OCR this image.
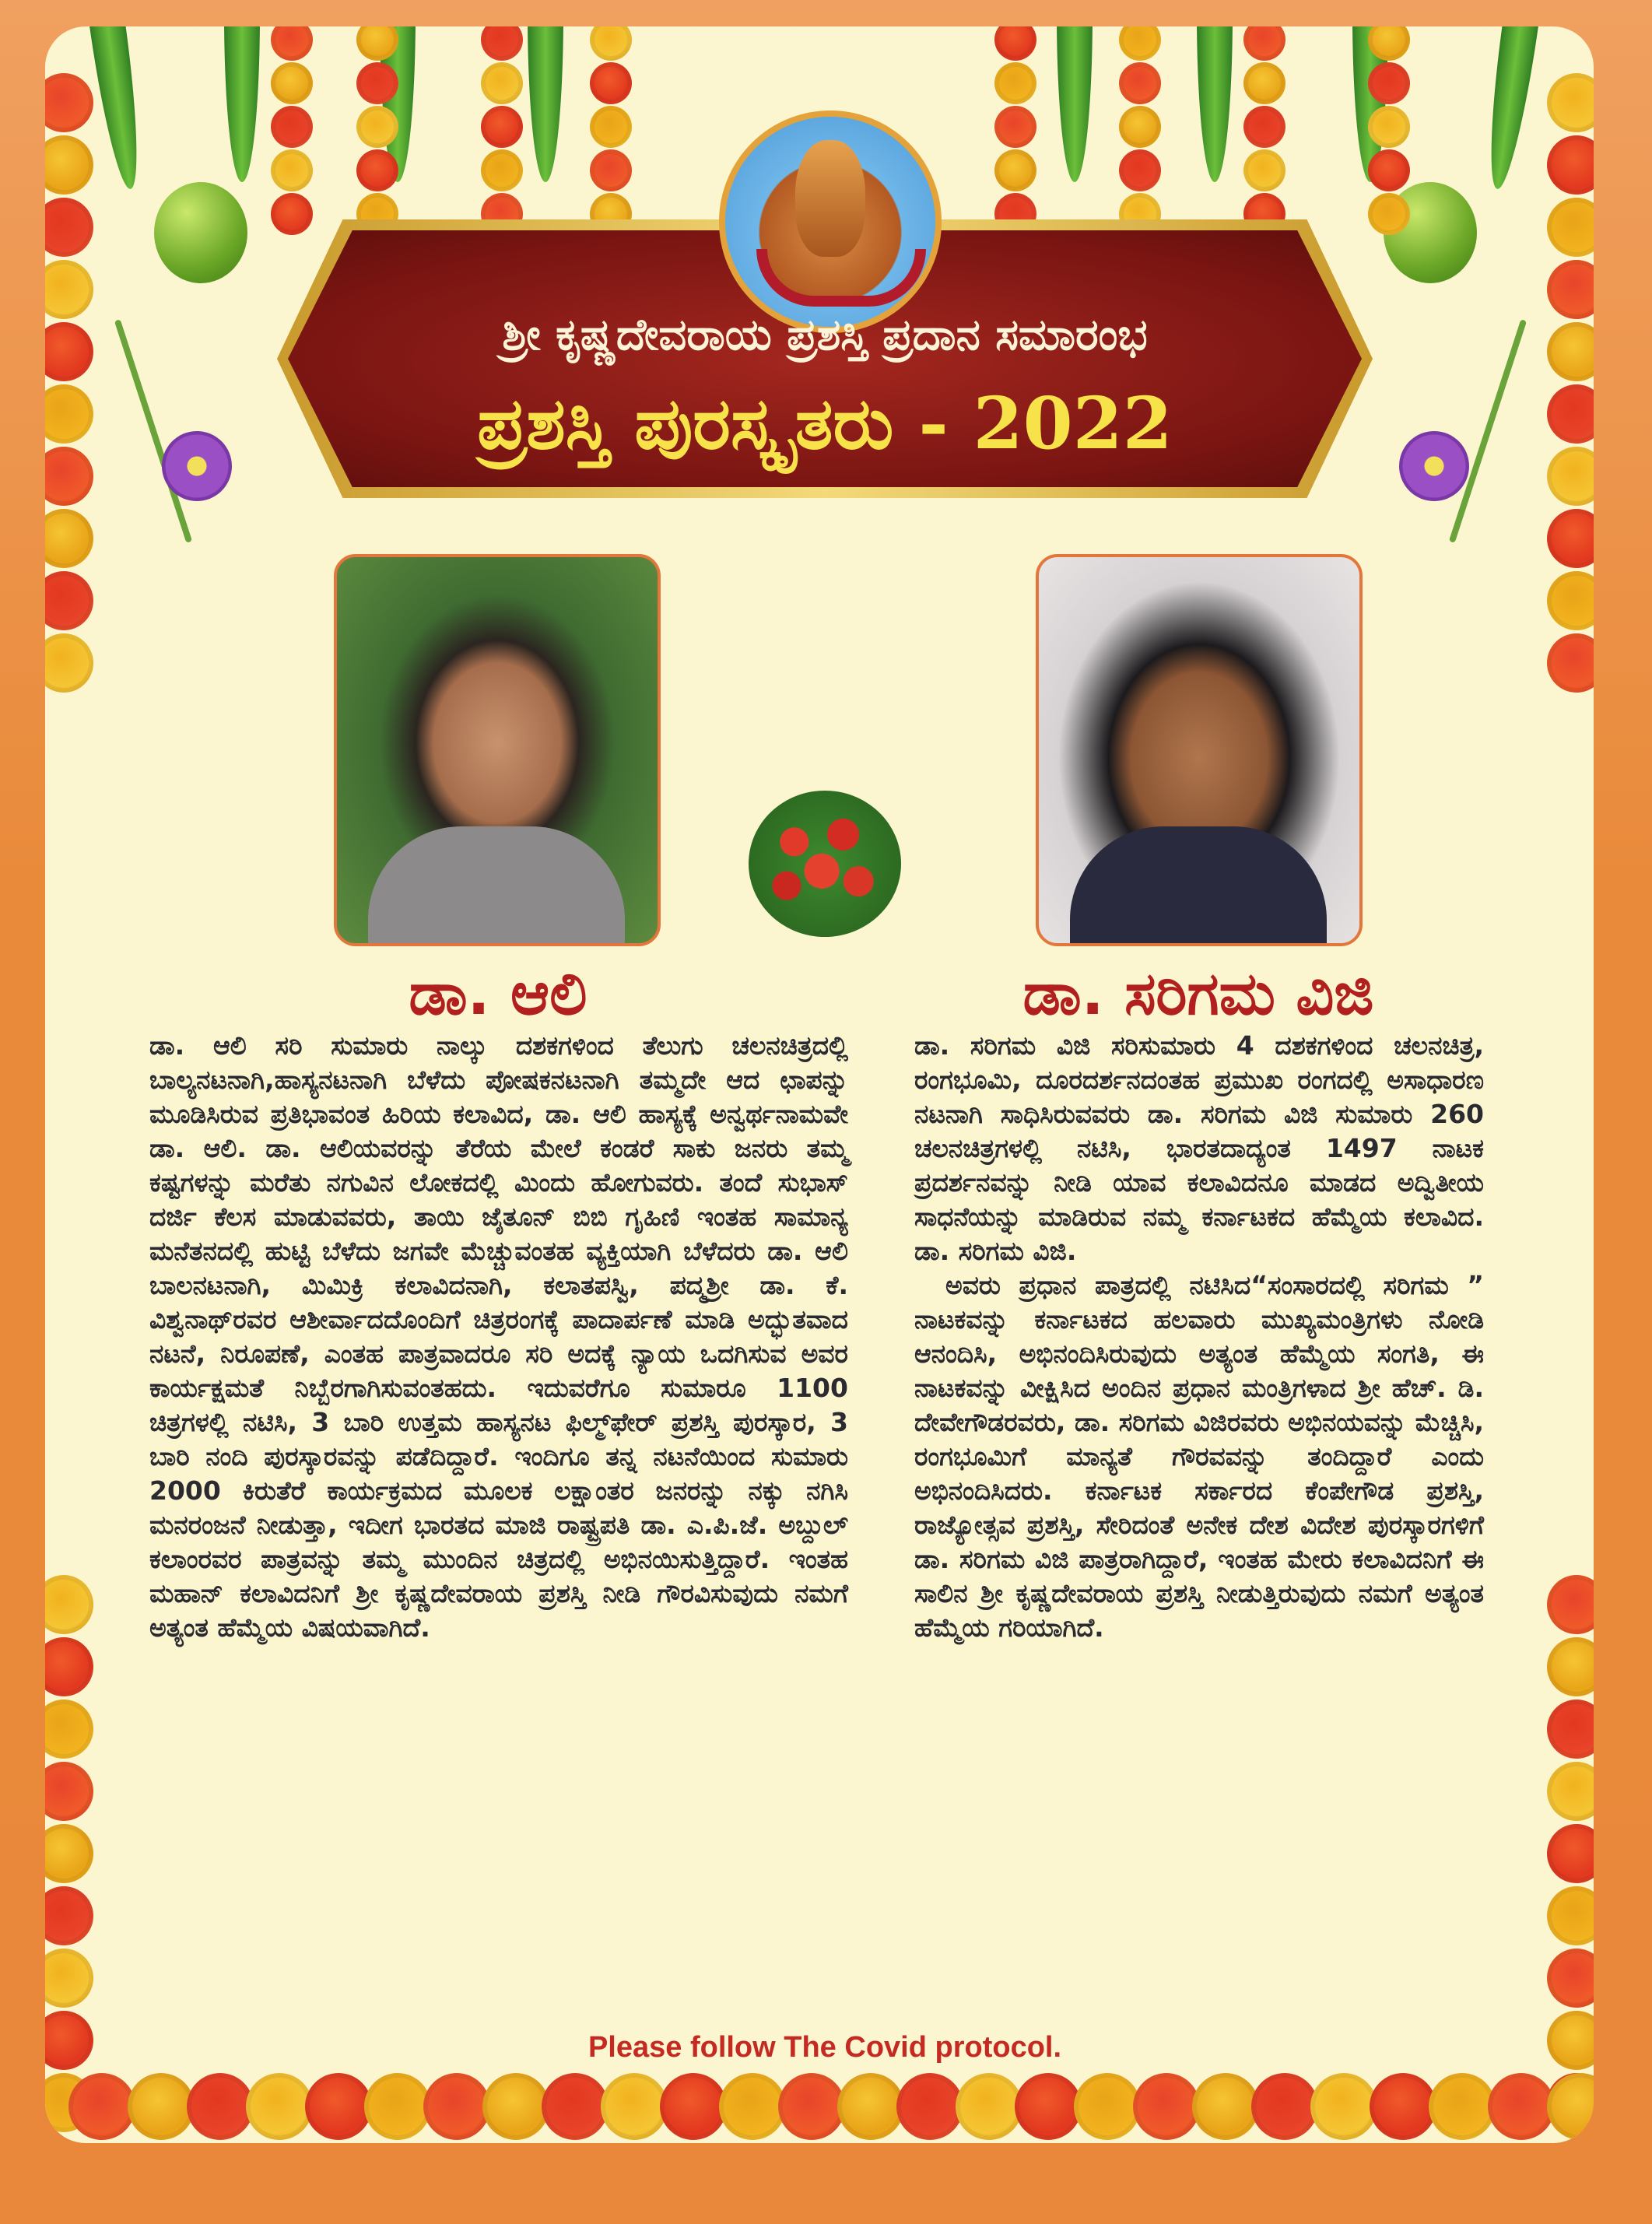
ಶ್ರೀ ಕೃಷ್ಣದೇವರಾಯ ಪ್ರಶಸ್ತಿ ಪ್ರದಾನ ಸಮಾರಂಭ
ಪ್ರಶಸ್ತಿ ಪುರಸ್ಕೃತರು - 2022
ಡಾ. ಆಲಿ	ಡಾ. ಸರಿಗಮ ವಿಜಿ

ಡಾ. ಆಲಿ ಸರಿ ಸುಮಾರು ನಾಲ್ಕು ದಶಕಗಳಿಂದ ತೆಲುಗು ಚಲನಚಿತ್ರದಲ್ಲಿ ಬಾಲ್ಯನಟನಾಗಿ,ಹಾಸ್ಯನಟನಾಗಿ ಬೆಳೆದು ಪೋಷಕನಟನಾಗಿ ತಮ್ಮದೇ ಆದ ಛಾಪನ್ನು ಮೂಡಿಸಿರುವ ಪ್ರತಿಭಾವಂತ ಹಿರಿಯ ಕಲಾವಿದ, ಡಾ. ಆಲಿ ಹಾಸ್ಯಕ್ಕೆ ಅನ್ವರ್ಥನಾಮವೇ ಡಾ. ಆಲಿ. ಡಾ. ಆಲಿಯವರನ್ನು ತೆರೆಯ ಮೇಲೆ ಕಂಡರೆ ಸಾಕು ಜನರು ತಮ್ಮ ಕಷ್ಟಗಳನ್ನು ಮರೆತು ನಗುವಿನ ಲೋಕದಲ್ಲಿ ಮಿಂದು ಹೋಗುವರು. ತಂದೆ ಸುಭಾಸ್ ದರ್ಜಿ ಕೆಲಸ ಮಾಡುವವರು, ತಾಯಿ ಜೈತೂನ್ ಬಿಬಿ ಗೃಹಿಣಿ ಇಂತಹ ಸಾಮಾನ್ಯ ಮನೆತನದಲ್ಲಿ ಹುಟ್ಟಿ ಬೆಳೆದು ಜಗವೇ ಮೆಚ್ಚುವಂತಹ ವ್ಯಕ್ತಿಯಾಗಿ ಬೆಳೆದರು ಡಾ. ಆಲಿ ಬಾಲನಟನಾಗಿ, ಮಿಮಿಕ್ರಿ ಕಲಾವಿದನಾಗಿ, ಕಲಾತಪಸ್ವಿ, ಪದ್ಮಶ್ರೀ ಡಾ. ಕೆ. ವಿಶ್ವನಾಥ್‌ರವರ ಆಶೀರ್ವಾದದೊಂದಿಗೆ ಚಿತ್ರರಂಗಕ್ಕೆ ಪಾದಾರ್ಪಣೆ ಮಾಡಿ ಅದ್ಭುತವಾದ ನಟನೆ, ನಿರೂಪಣೆ, ಎಂತಹ ಪಾತ್ರವಾದರೂ ಸರಿ ಅದಕ್ಕೆ ನ್ಯಾಯ ಒದಗಿಸುವ ಅವರ ಕಾರ್ಯಕ್ಷಮತೆ ನಿಬ್ಬೆರಗಾಗಿಸುವಂತಹದು. ಇದುವರೆಗೂ ಸುಮಾರೂ 1100 ಚಿತ್ರಗಳಲ್ಲಿ ನಟಿಸಿ, 3 ಬಾರಿ ಉತ್ತಮ ಹಾಸ್ಯನಟ ಫಿಲ್ಮ್‌ಫೇರ್ ಪ್ರಶಸ್ತಿ ಪುರಸ್ಕಾರ, 3 ಬಾರಿ ನಂದಿ ಪುರಸ್ಕಾರವನ್ನು ಪಡೆದಿದ್ದಾರೆ. ಇಂದಿಗೂ ತನ್ನ ನಟನೆಯಿಂದ ಸುಮಾರು 2000 ಕಿರುತೆರೆ ಕಾರ್ಯಕ್ರಮದ ಮೂಲಕ ಲಕ್ಷಾಂತರ ಜನರನ್ನು ನಕ್ಕು ನಗಿಸಿ ಮನರಂಜನೆ ನೀಡುತ್ತಾ, ಇದೀಗ ಭಾರತದ ಮಾಜಿ ರಾಷ್ಟ್ರಪತಿ ಡಾ. ಎ.ಪಿ.ಜೆ. ಅಬ್ದುಲ್ ಕಲಾಂರವರ ಪಾತ್ರವನ್ನು ತಮ್ಮ ಮುಂದಿನ ಚಿತ್ರದಲ್ಲಿ ಅಭಿನಯಿಸುತ್ತಿದ್ದಾರೆ. ಇಂತಹ ಮಹಾನ್ ಕಲಾವಿದನಿಗೆ ಶ್ರೀ ಕೃಷ್ಣದೇವರಾಯ ಪ್ರಶಸ್ತಿ ನೀಡಿ ಗೌರವಿಸುವುದು ನಮಗೆ ಅತ್ಯಂತ ಹೆಮ್ಮೆಯ ವಿಷಯವಾಗಿದೆ.

ಡಾ. ಸರಿಗಮ ವಿಜಿ ಸರಿಸುಮಾರು 4 ದಶಕಗಳಿಂದ ಚಲನಚಿತ್ರ, ರಂಗಭೂಮಿ, ದೂರದರ್ಶನದಂತಹ ಪ್ರಮುಖ ರಂಗದಲ್ಲಿ ಅಸಾಧಾರಣ ನಟನಾಗಿ ಸಾಧಿಸಿರುವವರು ಡಾ. ಸರಿಗಮ ವಿಜಿ ಸುಮಾರು 260 ಚಲನಚಿತ್ರಗಳಲ್ಲಿ ನಟಿಸಿ, ಭಾರತದಾದ್ಯಂತ 1497 ನಾಟಕ ಪ್ರದರ್ಶನವನ್ನು ನೀಡಿ ಯಾವ ಕಲಾವಿದನೂ ಮಾಡದ ಅದ್ವಿತೀಯ ಸಾಧನೆಯನ್ನು ಮಾಡಿರುವ ನಮ್ಮ ಕರ್ನಾಟಕದ ಹೆಮ್ಮೆಯ ಕಲಾವಿದ. ಡಾ. ಸರಿಗಮ ವಿಜಿ.

ಅವರು ಪ್ರಧಾನ ಪಾತ್ರದಲ್ಲಿ ನಟಿಸಿದ“ಸಂಸಾರದಲ್ಲಿ ಸರಿಗಮ ” ನಾಟಕವನ್ನು ಕರ್ನಾಟಕದ ಹಲವಾರು ಮುಖ್ಯಮಂತ್ರಿಗಳು ನೋಡಿ ಆನಂದಿಸಿ, ಅಭಿನಂದಿಸಿರುವುದು ಅತ್ಯಂತ ಹೆಮ್ಮೆಯ ಸಂಗತಿ, ಈ ನಾಟಕವನ್ನು ವೀಕ್ಷಿಸಿದ ಅಂದಿನ ಪ್ರಧಾನ ಮಂತ್ರಿಗಳಾದ ಶ್ರೀ ಹೆಚ್. ಡಿ. ದೇವೇಗೌಡರವರು, ಡಾ. ಸರಿಗಮ ವಿಜಿರವರು ಅಭಿನಯವನ್ನು ಮೆಚ್ಚಿಸಿ, ರಂಗಭೂಮಿಗೆ ಮಾನ್ಯತೆ ಗೌರವವನ್ನು ತಂದಿದ್ದಾರೆ ಎಂದು ಅಭಿನಂದಿಸಿದರು. ಕರ್ನಾಟಕ ಸರ್ಕಾರದ ಕೆಂಪೇಗೌಡ ಪ್ರಶಸ್ತಿ, ರಾಜ್ಯೋತ್ಸವ ಪ್ರಶಸ್ತಿ, ಸೇರಿದಂತೆ ಅನೇಕ ದೇಶ ವಿದೇಶ ಪುರಸ್ಕಾರಗಳಿಗೆ ಡಾ. ಸರಿಗಮ ವಿಜಿ ಪಾತ್ರರಾಗಿದ್ದಾರೆ, ಇಂತಹ ಮೇರು ಕಲಾವಿದನಿಗೆ ಈ ಸಾಲಿನ ಶ್ರೀ ಕೃಷ್ಣದೇವರಾಯ ಪ್ರಶಸ್ತಿ ನೀಡುತ್ತಿರುವುದು ನಮಗೆ ಅತ್ಯಂತ ಹೆಮ್ಮೆಯ ಗರಿಯಾಗಿದೆ.

Please follow The Covid protocol.
